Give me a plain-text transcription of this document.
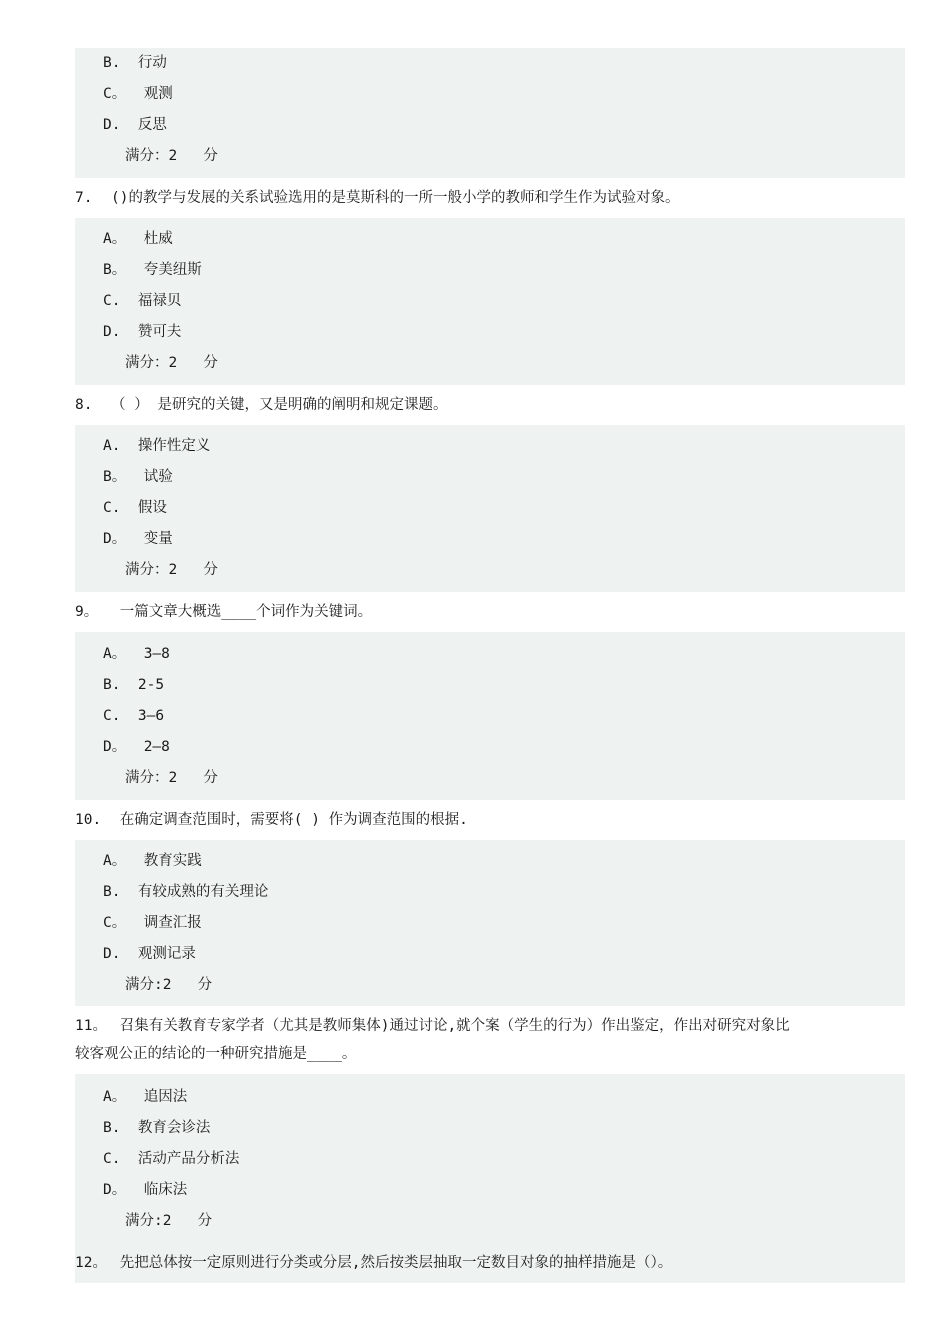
B.  行动
C。  观测
D.  反思
满分：2   分
7. ()的教学与发展的关系试验选用的是莫斯科的一所一般小学的教师和学生作为试验对象。
A。  杜威
B。  夸美纽斯
C.  福禄贝
D.  赞可夫
满分：2   分
8. （ ） 是研究的关键，又是明确的阐明和规定课题。
A.  操作性定义
B。  试验
C.  假设
D。  变量
满分：2   分
9。 一篇文章大概选____个词作为关键词。
A。  3—8
B.  2-5
C.  3—6
D。  2—8
满分：2   分
10. 在确定调查范围时，需要将( ) 作为调查范围的根据.
A。  教育实践
B.  有较成熟的有关理论
C。  调查汇报
D.  观测记录
满分:2   分
11。 召集有关教育专家学者（尤其是教师集体)通过讨论,就个案（学生的行为）作出鉴定，作出对研究对象比
较客观公正的结论的一种研究措施是____。
A。  追因法
B.  教育会诊法
C.  活动产品分析法
D。  临床法
满分:2   分
12。 先把总体按一定原则进行分类或分层,然后按类层抽取一定数目对象的抽样措施是（）。
